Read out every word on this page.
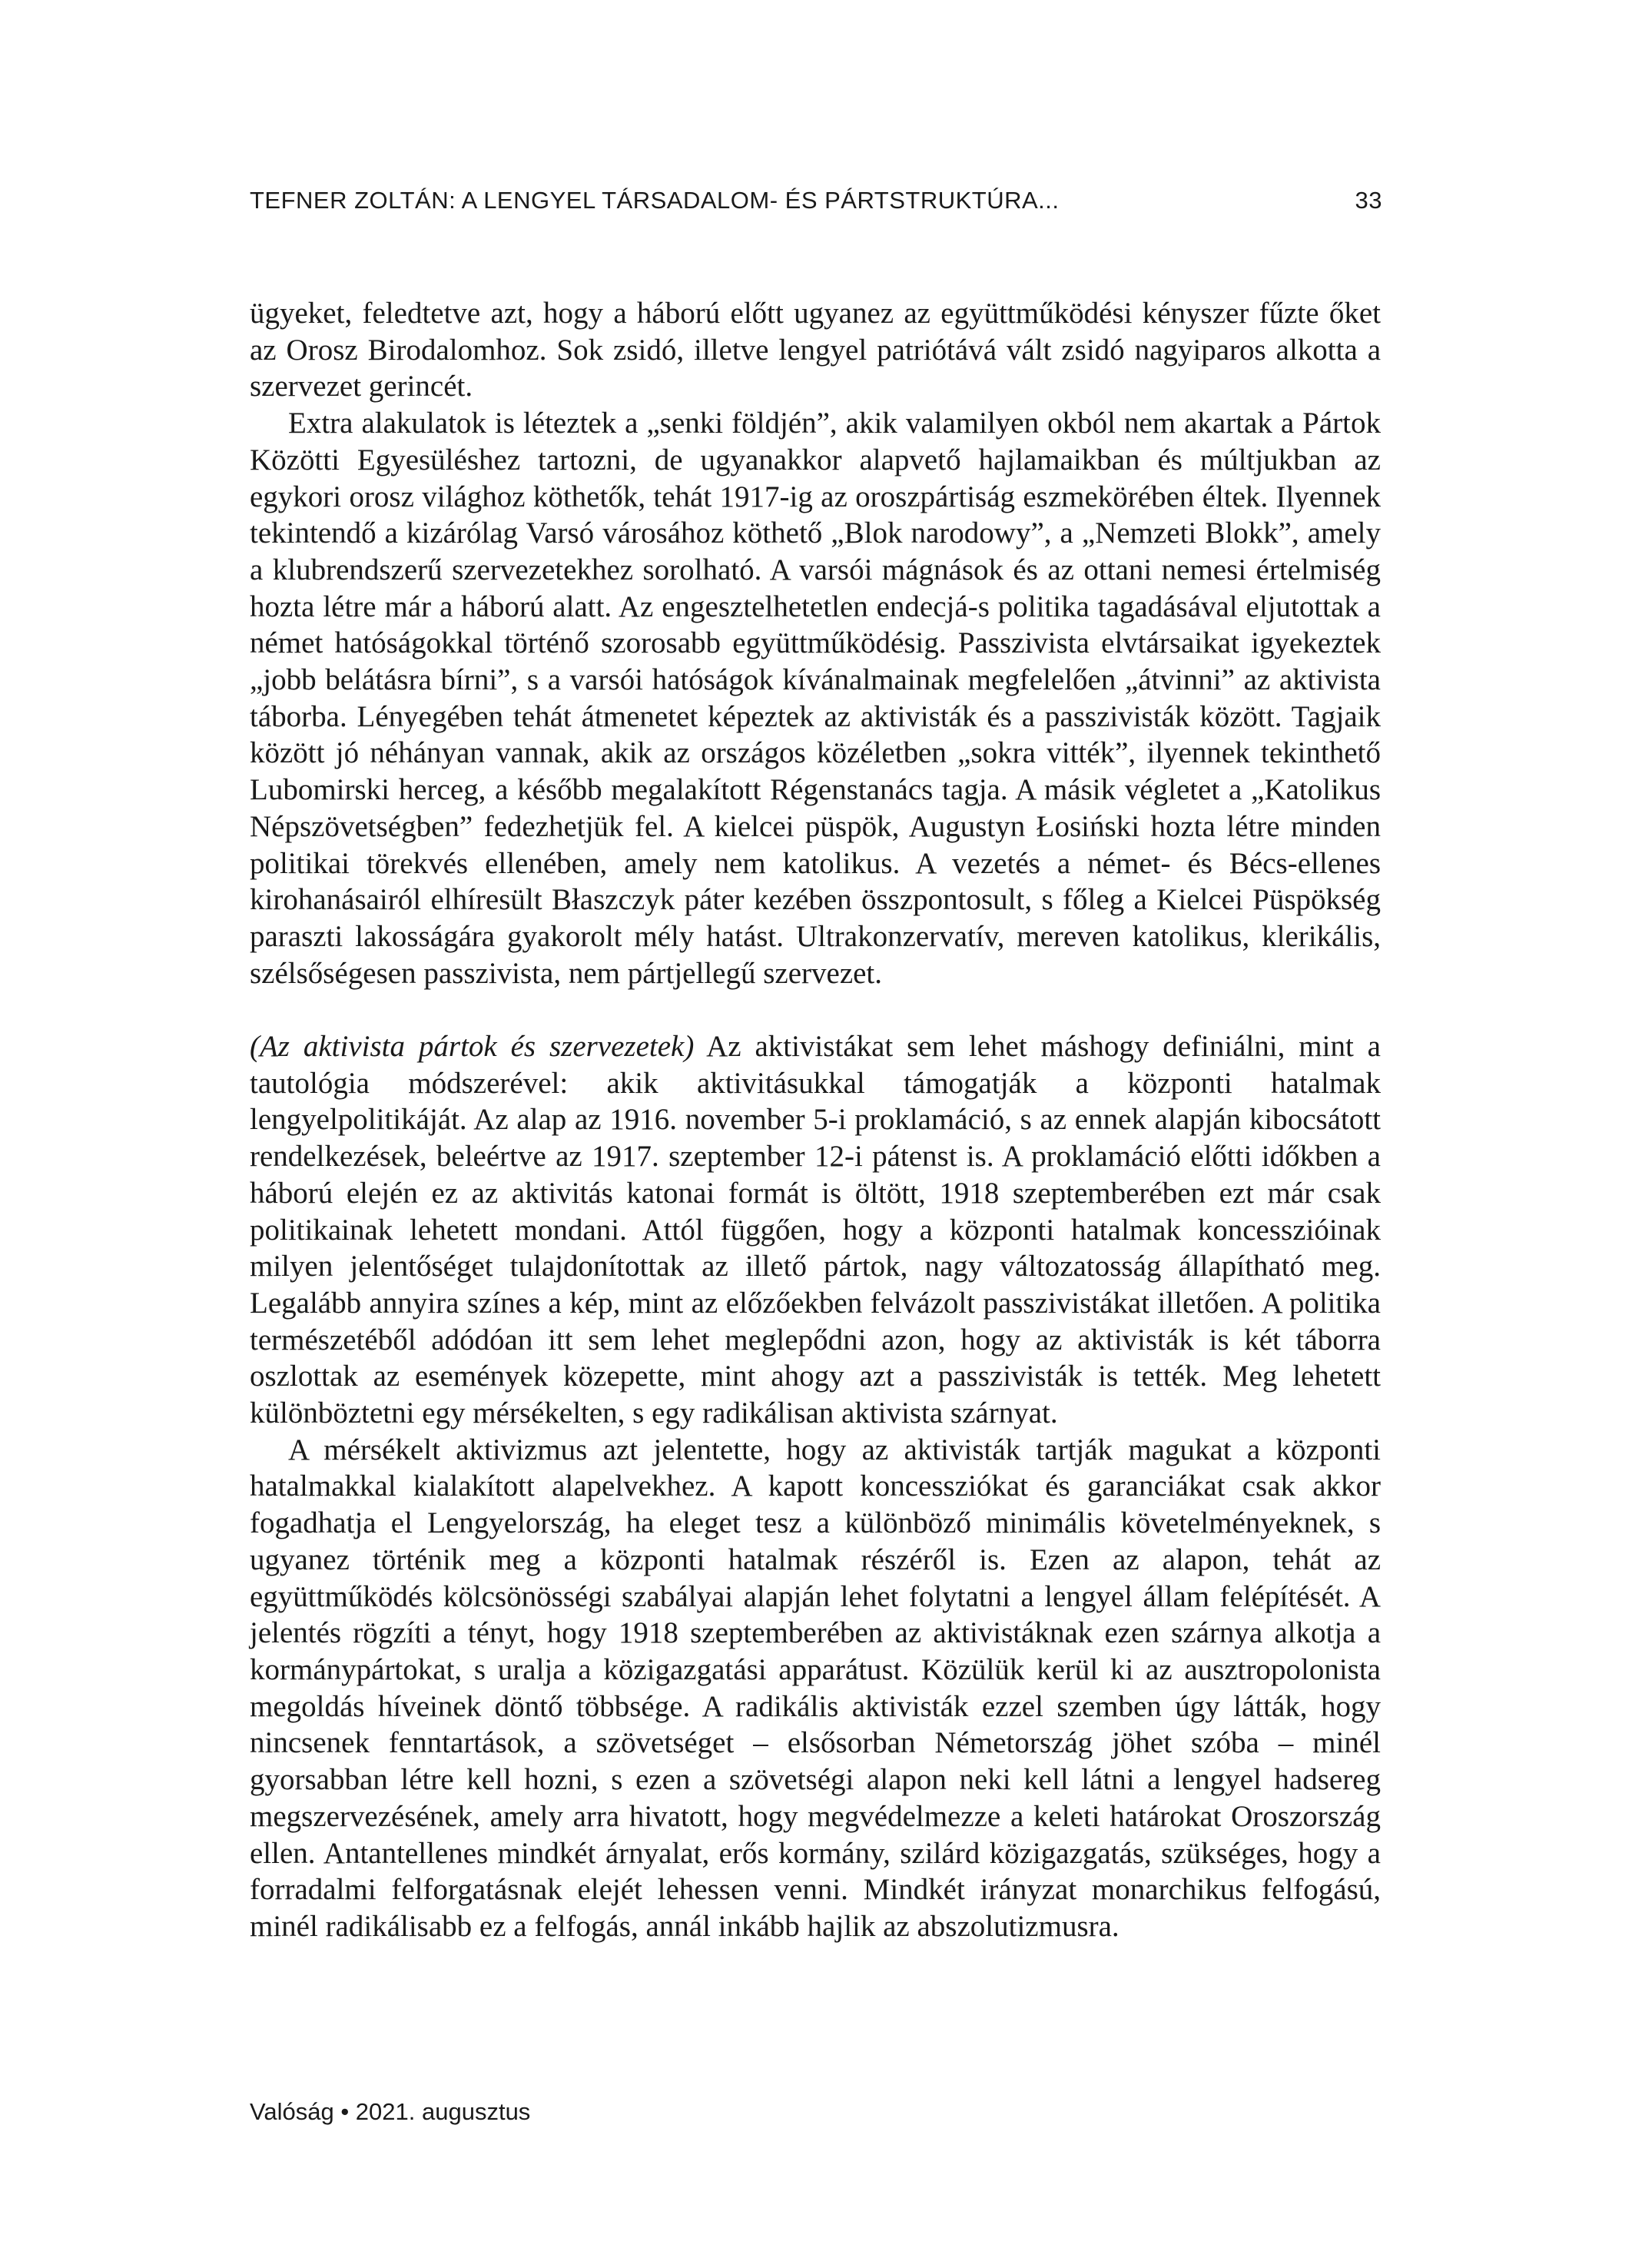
TEFNER ZOLTÁN: A LENGYEL TÁRSADALOM- ÉS PÁRTSTRUKTÚRA...	33

ügyeket, feledtetve azt, hogy a háború előtt ugyanez az együttműködési kényszer fűzte őket az Orosz Birodalomhoz. Sok zsidó, illetve lengyel patriótává vált zsidó nagyiparos alkotta a szervezet gerincét.

Extra alakulatok is léteztek a „senki földjén”, akik valamilyen okból nem akartak a Pártok Közötti Egyesüléshez tartozni, de ugyanakkor alapvető hajlamaikban és múltjukban az egykori orosz világhoz köthetők, tehát 1917-ig az oroszpártiság eszmekörében éltek. Ilyennek tekintendő a kizárólag Varsó városához köthető „Blok narodowy”, a „Nemzeti Blokk”, amely a klubrendszerű szervezetekhez sorolható. A varsói mágnások és az ottani nemesi értelmiség hozta létre már a háború alatt. Az engesztelhetetlen endecjá-s politika tagadásával eljutottak a német hatóságokkal történő szorosabb együttműködésig. Passzivista elvtársaikat igyekeztek „jobb belátásra bírni”, s a varsói hatóságok kívánalmainak megfelelően „átvinni” az aktivista táborba. Lényegében tehát átmenetet képeztek az aktivisták és a passzivisták között. Tagjaik között jó néhányan vannak, akik az országos közéletben „sokra vitték”, ilyennek tekinthető Lubomirski herceg, a később megalakított Régenstanács tagja. A másik végletet a „Katolikus Népszövetségben” fedezhetjük fel. A kielcei püspök, Augustyn Łosiński hozta létre minden politikai törekvés ellenében, amely nem katolikus. A vezetés a német- és Bécs-ellenes kirohanásairól elhíresült Błaszczyk páter kezében összpontosult, s főleg a Kielcei Püspökség paraszti lakosságára gyakorolt mély hatást. Ultrakonzervatív, mereven katolikus, klerikális, szélsőségesen passzivista, nem pártjellegű szervezet.

(Az aktivista pártok és szervezetek) Az aktivistákat sem lehet máshogy definiálni, mint a tautológia módszerével: akik aktivitásukkal támogatják a központi hatalmak lengyelpolitikáját. Az alap az 1916. november 5-i proklamáció, s az ennek alapján kibocsátott rendelkezések, beleértve az 1917. szeptember 12-i pátenst is. A proklamáció előtti időkben a háború elején ez az aktivitás katonai formát is öltött, 1918 szeptemberében ezt már csak politikainak lehetett mondani. Attól függően, hogy a központi hatalmak koncesszióinak milyen jelentőséget tulajdonítottak az illető pártok, nagy változatosság állapítható meg. Legalább annyira színes a kép, mint az előzőekben felvázolt passzivistákat illetően. A politika természetéből adódóan itt sem lehet meglepődni azon, hogy az aktivisták is két táborra oszlottak az események közepette, mint ahogy azt a passzivisták is tették. Meg lehetett különböztetni egy mérsékelten, s egy radikálisan aktivista szárnyat.

A mérsékelt aktivizmus azt jelentette, hogy az aktivisták tartják magukat a központi hatalmakkal kialakított alapelvekhez. A kapott koncessziókat és garanciákat csak akkor fogadhatja el Lengyelország, ha eleget tesz a különböző minimális követelményeknek, s ugyanez történik meg a központi hatalmak részéről is. Ezen az alapon, tehát az együttműködés kölcsönösségi szabályai alapján lehet folytatni a lengyel állam felépítését. A jelentés rögzíti a tényt, hogy 1918 szeptemberében az aktivistáknak ezen szárnya alkotja a kormánypártokat, s uralja a közigazgatási apparátust. Közülük kerül ki az ausztropolonista megoldás híveinek döntő többsége. A radikális aktivisták ezzel szemben úgy látták, hogy nincsenek fenntartások, a szövetséget – elsősorban Németország jöhet szóba – minél gyorsabban létre kell hozni, s ezen a szövetségi alapon neki kell látni a lengyel hadsereg megszervezésének, amely arra hivatott, hogy megvédelmezze a keleti határokat Oroszország ellen. Antantellenes mindkét árnyalat, erős kormány, szilárd közigazgatás, szükséges, hogy a forradalmi felforgatásnak elejét lehessen venni. Mindkét irányzat monarchikus felfogású, minél radikálisabb ez a felfogás, annál inkább hajlik az abszolutizmusra.

Valóság • 2021. augusztus
